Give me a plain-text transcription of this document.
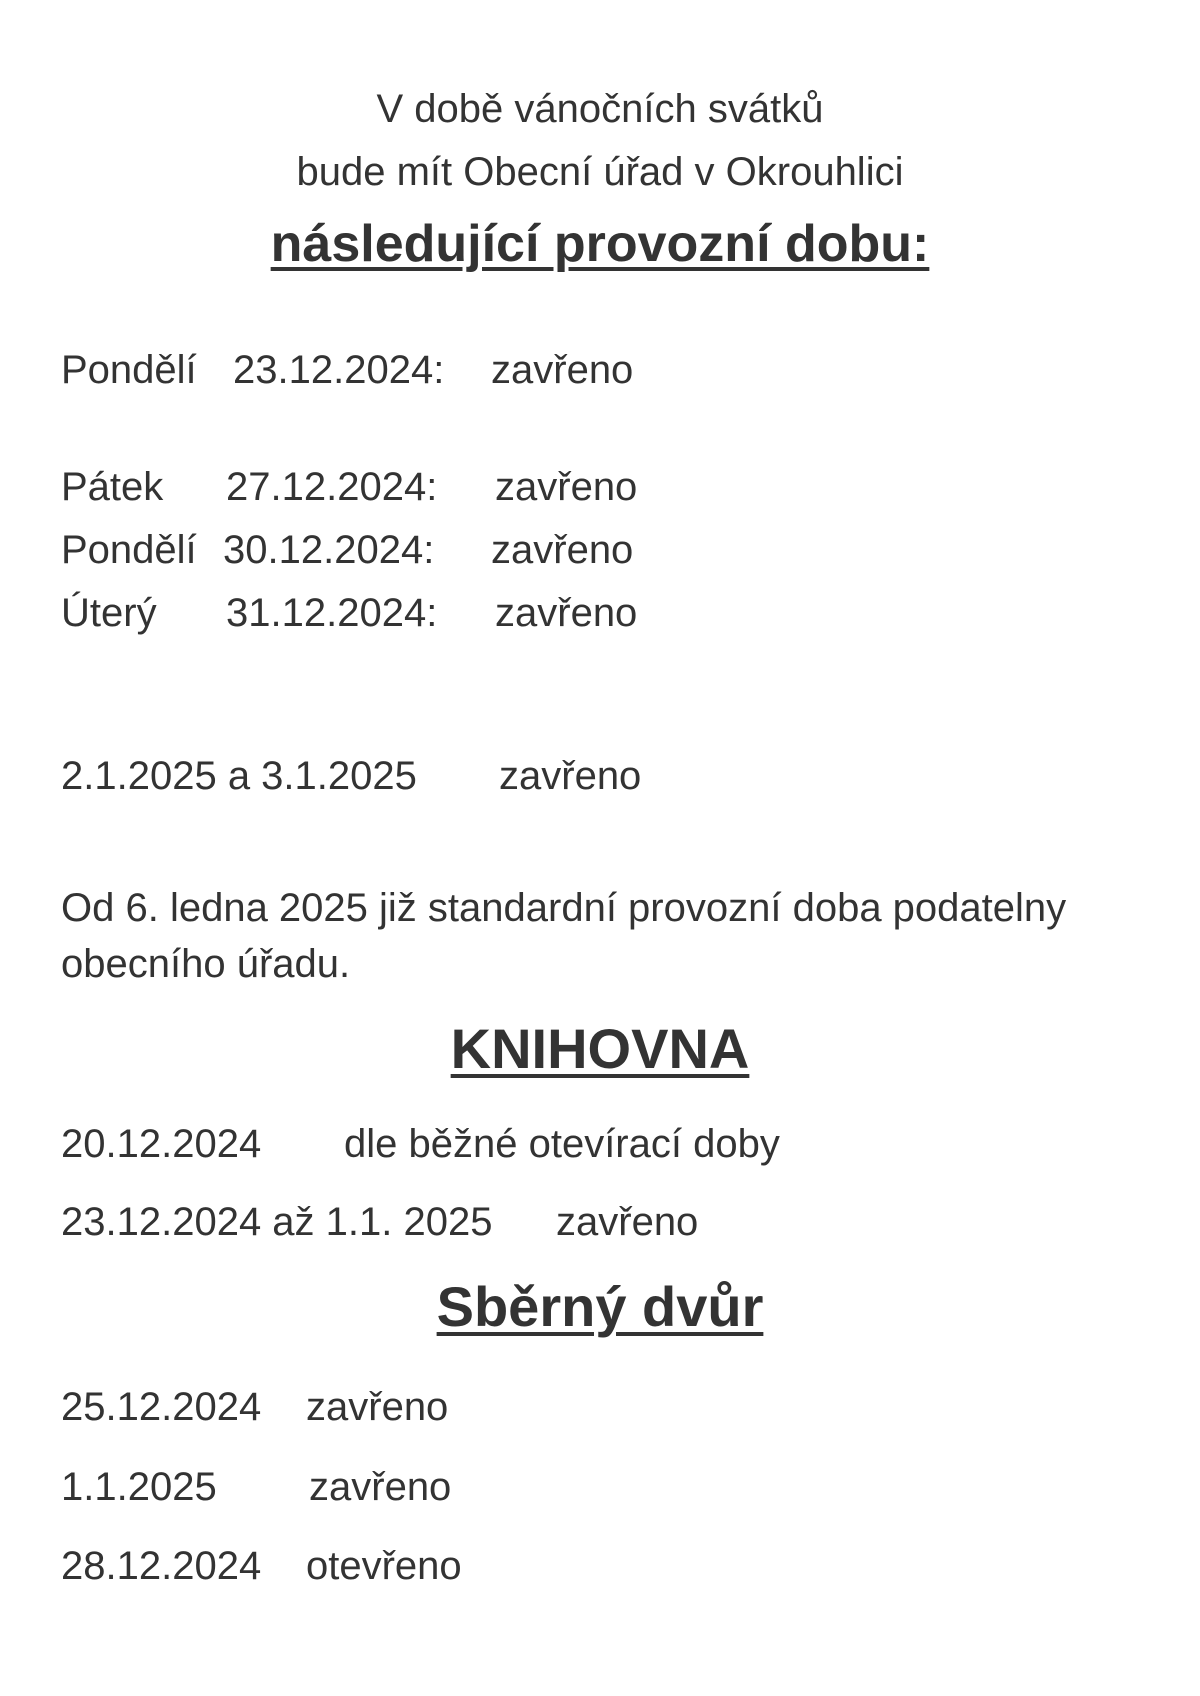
V době vánočních svátků
bude mít Obecní úřad v Okrouhlici
následující provozní dobu:
Pondělí 23.12.2024: zavřeno
Pátek 27.12.2024: zavřeno
Pondělí 30.12.2024: zavřeno
Úterý 31.12.2024: zavřeno
2.1.2025 a 3.1.2025 zavřeno
Od 6. ledna 2025 již standardní provozní doba podatelny obecního úřadu.
KNIHOVNA
20.12.2024 dle běžné otevírací doby
23.12.2024 až 1.1. 2025 zavřeno
Sběrný dvůr
25.12.2024 zavřeno
1.1.2025 zavřeno
28.12.2024 otevřeno
